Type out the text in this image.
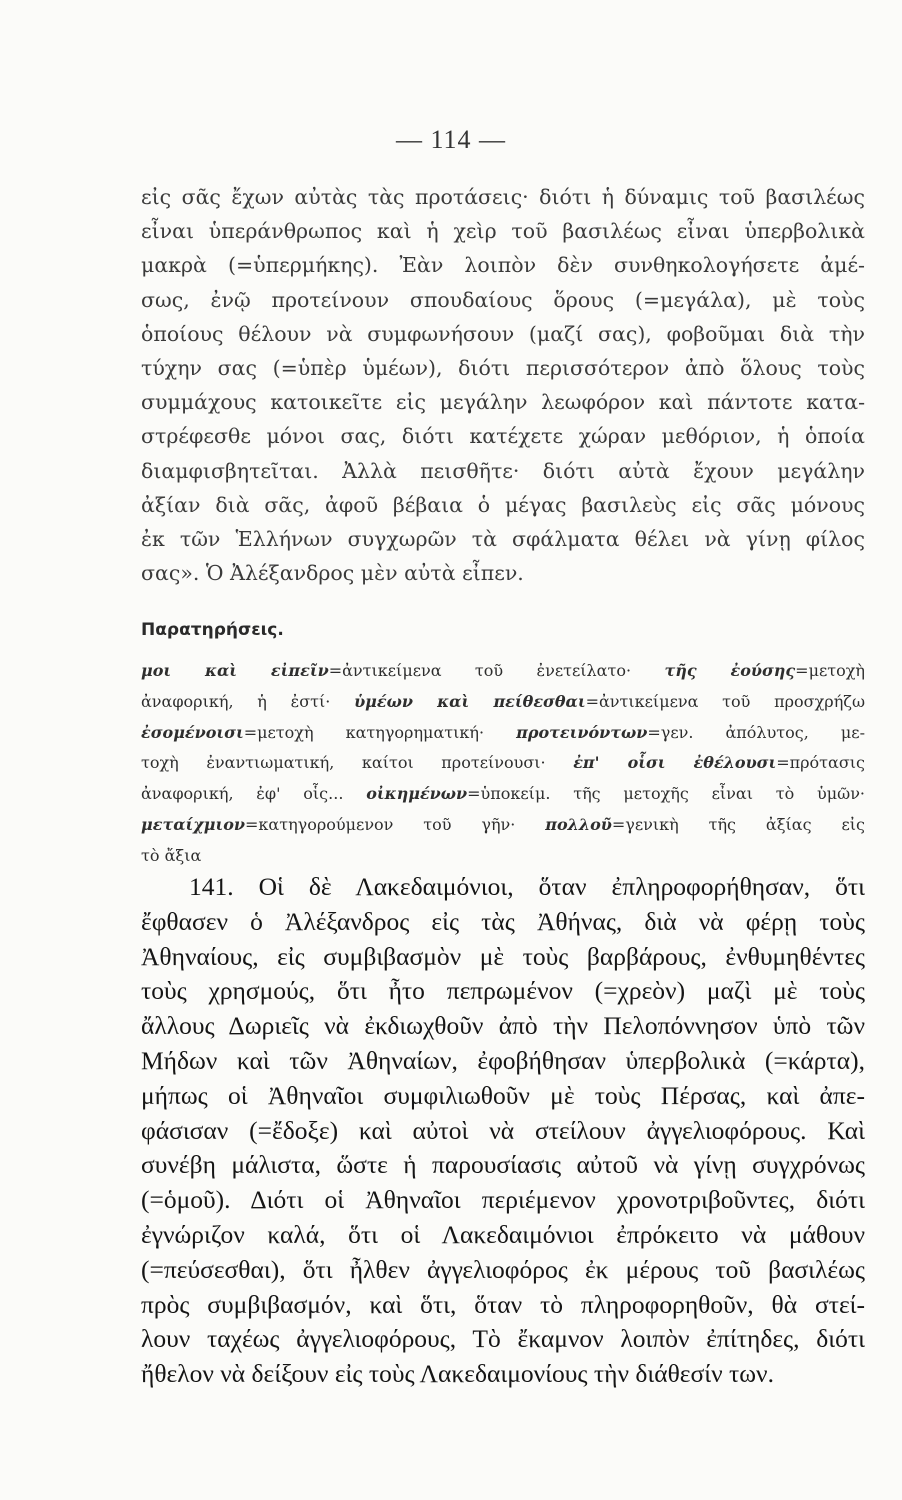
— 114 —
εἰς σᾶς ἔχων αὐτὰς τὰς προτάσεις· διότι ἡ δύναμις τοῦ βασιλέως
εἶναι ὑπεράνθρωπος καὶ ἡ χεὶρ τοῦ βασιλέως εἶναι ὑπερβολικὰ
μακρὰ (=ὑπερμήκης). Ἐὰν λοιπὸν δὲν συνθηκολογήσετε ἀμέ-
σως, ἐνῷ προτείνουν σπουδαίους ὅρους (=μεγάλα), μὲ τοὺς
ὁποίους θέλουν νὰ συμφωνήσουν (μαζί σας), φοβοῦμαι διὰ τὴν
τύχην σας (=ὑπὲρ ὑμέων), διότι περισσότερον ἀπὸ ὅλους τοὺς
συμμάχους κατοικεῖτε εἰς μεγάλην λεωφόρον καὶ πάντοτε κατα-
στρέφεσθε μόνοι σας, διότι κατέχετε χώραν μεθόριον, ἡ ὁποία
διαμφισβητεῖται. Ἀλλὰ πεισθῆτε· διότι αὐτὰ ἔχουν μεγάλην
ἀξίαν διὰ σᾶς, ἀφοῦ βέβαια ὁ μέγας βασιλεὺς εἰς σᾶς μόνους
ἐκ τῶν Ἑλλήνων συγχωρῶν τὰ σφάλματα θέλει νὰ γίνῃ φίλος
σας». Ὁ Ἀλέξανδρος μὲν αὐτὰ εἶπεν.
Παρατηρήσεις.
μοι καὶ εἰπεῖν=ἀντικείμενα τοῦ ἐνετείλατο· τῆς ἐούσης=μετοχὴ
ἀναφορική, ἡ ἐστί· ὑμέων καὶ πείθεσθαι=ἀντικείμενα τοῦ προσχρήζω
ἐσομένοισι=μετοχὴ κατηγορηματική· προτεινόντων=γεν. ἀπόλυτος, με-
τοχὴ ἐναντιωματική, καίτοι προτείνουσι· ἐπ' οἷσι ἐθέλουσι=πρότασις
ἀναφορική, ἐφ' οἷς... οἰκημένων=ὑποκείμ. τῆς μετοχῆς εἶναι τὸ ὑμῶν·
μεταίχμιον=κατηγορούμενον τοῦ γῆν· πολλοῦ=γενικὴ τῆς ἀξίας εἰς
τὸ ἄξια
141. Οἱ δὲ Λακεδαιμόνιοι, ὅταν ἐπληροφορήθησαν, ὅτι
ἔφθασεν ὁ Ἀλέξανδρος εἰς τὰς Ἀθήνας, διὰ νὰ φέρῃ τοὺς
Ἀθηναίους, εἰς συμβιβασμὸν μὲ τοὺς βαρβάρους, ἐνθυμηθέντες
τοὺς χρησμούς, ὅτι ἦτο πεπρωμένον (=χρεὸν) μαζὶ μὲ τοὺς
ἄλλους Δωριεῖς νὰ ἐκδιωχθοῦν ἀπὸ τὴν Πελοπόννησον ὑπὸ τῶν
Μήδων καὶ τῶν Ἀθηναίων, ἐφοβήθησαν ὑπερβολικὰ (=κάρτα),
μήπως οἱ Ἀθηναῖοι συμφιλιωθοῦν μὲ τοὺς Πέρσας, καὶ ἀπε-
φάσισαν (=ἔδοξε) καὶ αὐτοὶ νὰ στείλουν ἀγγελιοφόρους. Καὶ
συνέβη μάλιστα, ὥστε ἡ παρουσίασις αὐτοῦ νὰ γίνῃ συγχρόνως
(=ὁμοῦ). Διότι οἱ Ἀθηναῖοι περιέμενον χρονοτριβοῦντες, διότι
ἐγνώριζον καλά, ὅτι οἱ Λακεδαιμόνιοι ἐπρόκειτο νὰ μάθουν
(=πεύσεσθαι), ὅτι ἦλθεν ἀγγελιοφόρος ἐκ μέρους τοῦ βασιλέως
πρὸς συμβιβασμόν, καὶ ὅτι, ὅταν τὸ πληροφορηθοῦν, θὰ στεί-
λουν ταχέως ἀγγελιοφόρους, Τὸ ἔκαμνον λοιπὸν ἐπίτηδες, διότι
ἤθελον νὰ δείξουν εἰς τοὺς Λακεδαιμονίους τὴν διάθεσίν των.
